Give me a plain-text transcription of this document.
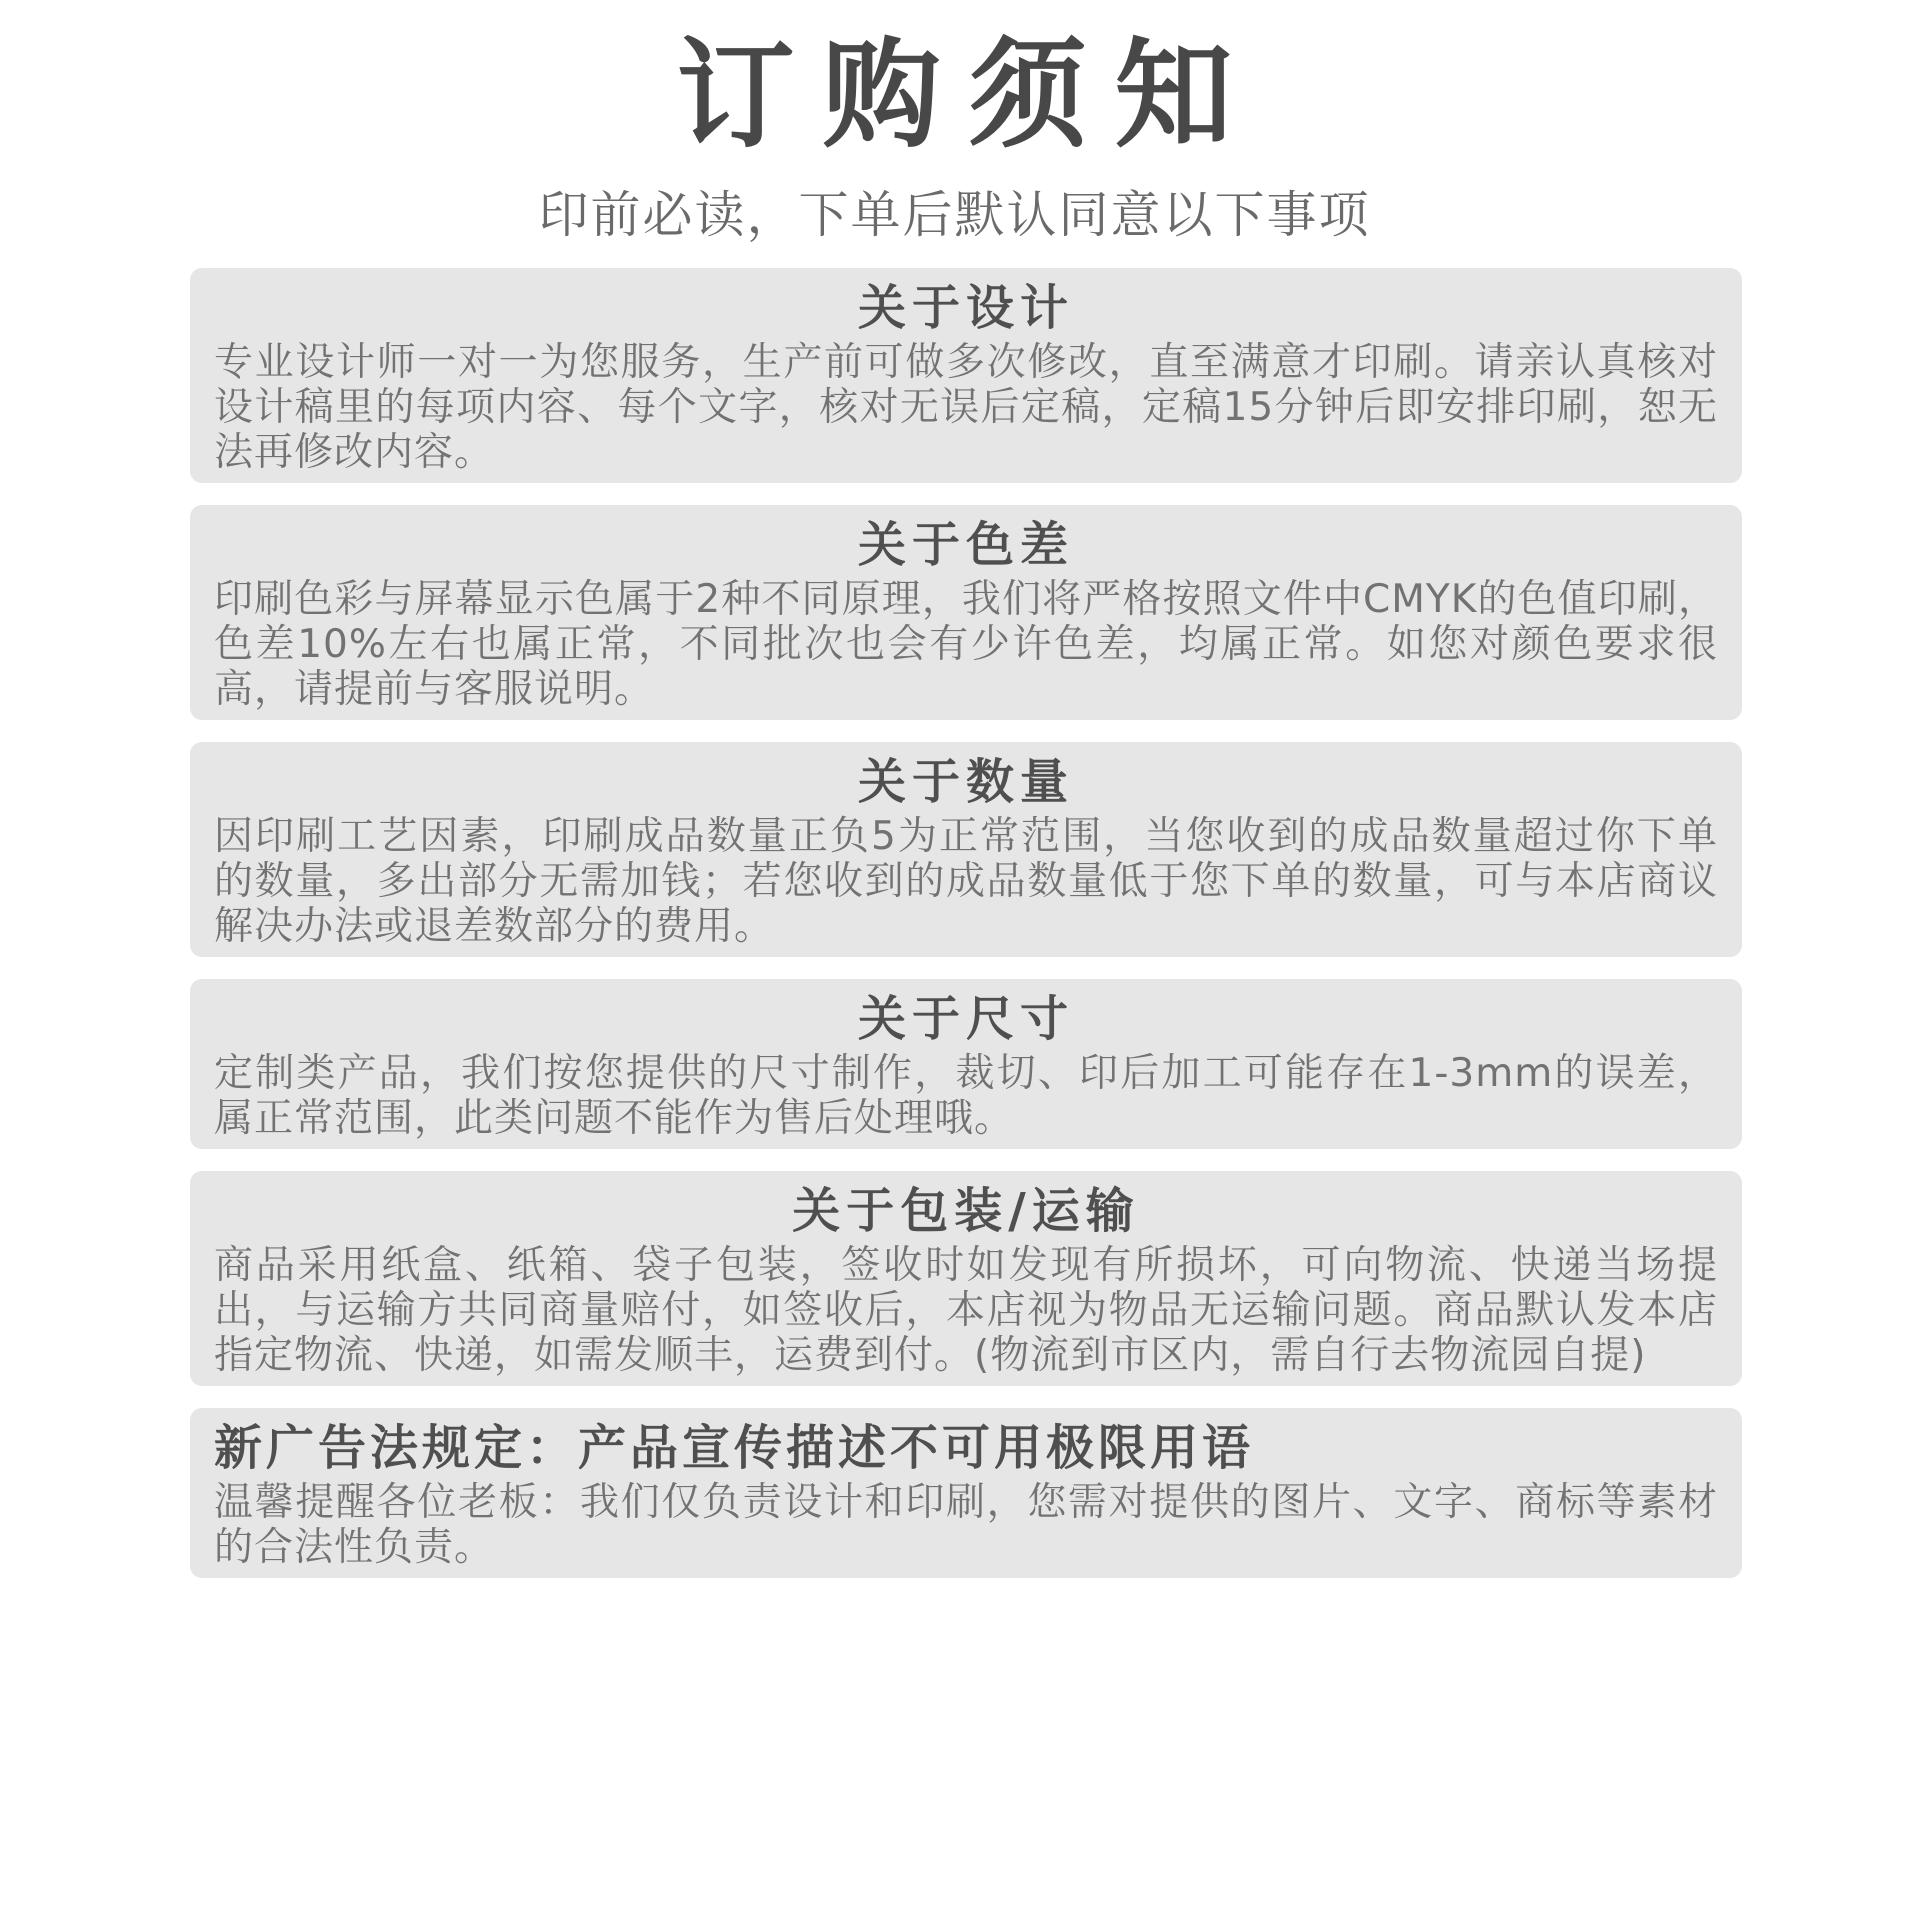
订购须知
印前必读，下单后默认同意以下事项
关于设计
专业设计师一对一为您服务，生产前可做多次修改，直至满意才印刷。请亲认真核对设计稿里的每项内容、每个文字，核对无误后定稿，定稿15分钟后即安排印刷，恕无法再修改内容。
关于色差
印刷色彩与屏幕显示色属于2种不同原理，我们将严格按照文件中CMYK的色值印刷，色差10%左右也属正常，不同批次也会有少许色差，均属正常。如您对颜色要求很高，请提前与客服说明。
关于数量
因印刷工艺因素，印刷成品数量正负5为正常范围，当您收到的成品数量超过你下单的数量，多出部分无需加钱；若您收到的成品数量低于您下单的数量，可与本店商议解决办法或退差数部分的费用。
关于尺寸
定制类产品，我们按您提供的尺寸制作，裁切、印后加工可能存在1-3mm的误差，属正常范围，此类问题不能作为售后处理哦。
关于包装/运输
商品采用纸盒、纸箱、袋子包装，签收时如发现有所损坏，可向物流、快递当场提出，与运输方共同商量赔付，如签收后，本店视为物品无运输问题。商品默认发本店指定物流、快递，如需发顺丰，运费到付。(物流到市区内，需自行去物流园自提)
新广告法规定：产品宣传描述不可用极限用语
温馨提醒各位老板：我们仅负责设计和印刷，您需对提供的图片、文字、商标等素材的合法性负责。
